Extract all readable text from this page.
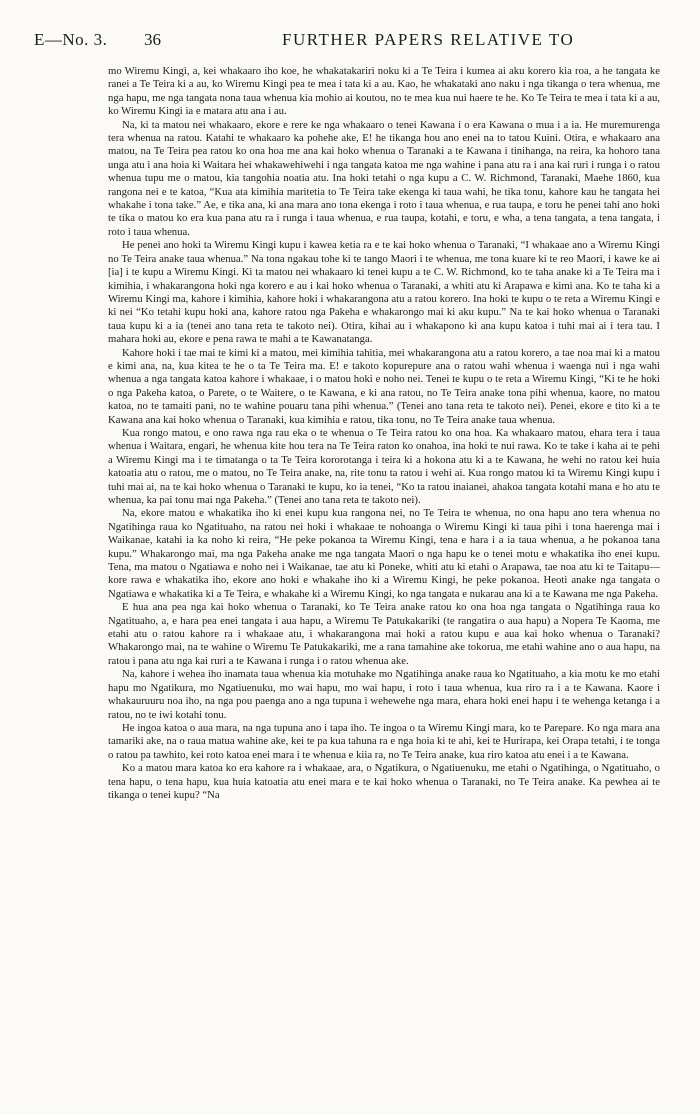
E—No. 3. 36	FURTHER PAPERS RELATIVE TO

mo Wiremu Kingi, a, kei whakaaro iho koe, he whakatakariri noku ki a Te Teira i kumea ai aku korero kia roa, a he tangata ke ranei a Te Teira ki a au, ko Wiremu Kingi pea te mea i tata ki a au. Kao, he whakataki ano naku i nga tikanga o tera whenua, me nga hapu, me nga tangata nona taua whenua kia mohio ai koutou, no te mea kua nui haere te he. Ko Te Teira te mea i tata ki a au, ko Wiremu Kingi ia e matara atu ana i au.

Na, ki ta matou nei whakaaro, ekore e rere ke nga whakaaro o tenei Kawana i o era Kawana o mua i a ia. He muremurenga tera whenua na ratou. Katahi te whakaaro ka pohehe ake, E! he tikanga hou ano enei na to tatou Kuini. Otira, e whakaaro ana matou, na Te Teira pea ratou ko ona hoa me ana kai hoko whenua o Taranaki a te Kawana i tinihanga, na reira, ka hohoro tana unga atu i ana hoia ki Waitara hei whakawehiwehi i nga tangata katoa me nga wahine i pana atu ra i ana kai ruri i runga i o ratou whenua tupu me o matou, kia tangohia noatia atu. Ina hoki tetahi o nga kupu a C. W. Richmond, Taranaki, Maehe 1860, kua rangona nei e te katoa, “Kua ata kimihia maritetia to Te Teira take ekenga ki taua wahi, he tika tonu, kahore kau he tangata hei whakahe i tona take.” Ae, e tika ana, ki ana mara ano tona ekenga i roto i taua whenua, e rua taupa, e toru he penei tahi ano hoki te tika o matou ko era kua pana atu ra i runga i taua whenua, e rua taupa, kotahi, e toru, e wha, a tena tangata, a tena tangata, i roto i taua whenua.

He penei ano hoki ta Wiremu Kingi kupu i kawea ketia ra e te kai hoko whenua o Taranaki, “I whakaae ano a Wiremu Kingi no Te Teira anake taua whenua.” Na tona ngakau tohe ki te tango Maori i te whenua, me tona kuare ki te reo Maori, i kawe ke ai [ia] i te kupu a Wiremu Kingi. Ki ta matou nei whakaaro ki tenei kupu a te C. W. Richmond, ko te taha anake ki a Te Teira ma i kimihia, i whakarangona hoki nga korero e au i kai hoko whenua o Taranaki, a whiti atu ki Arapawa e kimi ana. Ko te taha ki a Wiremu Kingi ma, kahore i kimihia, kahore hoki i whakarangona atu a ratou korero. Ina hoki te kupu o te reta a Wiremu Kingi e ki nei “Ko tetahi kupu hoki ana, kahore ratou nga Pakeha e whakarongo mai ki aku kupu.” Na te kai hoko whenua o Taranaki taua kupu ki a ia (tenei ano tana reta te takoto nei). Otira, kihai au i whakapono ki ana kupu katoa i tuhi mai ai i tera tau. I mahara hoki au, ekore e pena rawa te mahi a te Kawanatanga.

Kahore hoki i tae mai te kimi ki a matou, mei kimihia tahitia, mei whakarangona atu a ratou korero, a tae noa mai ki a matou e kimi ana, na, kua kitea te he o ta Te Teira ma. E! e takoto kopurepure ana o ratou wahi whenua i waenga nui i nga wahi whenua a nga tangata katoa kahore i whakaae, i o matou hoki e noho nei. Tenei te kupu o te reta a Wiremu Kingi, “Ki te he hoki o nga Pakeha katoa, o Parete, o te Waitere, o te Kawana, e ki ana ratou, no Te Teira anake tona pihi whenua, kaore, no matou katoa, no te tamaiti pani, no te wahine pouaru tana pihi whenua.” (Tenei ano tana reta te takoto nei). Penei, ekore e tito ki a te Kawana ana kai hoko whenua o Taranaki, kua kimihia e ratou, tika tonu, no Te Teira anake taua whenua.

Kua rongo matou, e ono rawa nga rau eka o te whenua o Te Teira ratou ko ona hoa. Ka whakaaro matou, ehara tera i taua whenua i Waitara, engari, he whenua kite hou tera na Te Teira raton ko onahoa, ina hoki te nui rawa. Ko te take i kaha ai te pehi a Wiremu Kingi ma i te timatanga o ta Te Teira kororotanga i teira ki a hokona atu ki a te Kawana, he wehi no ratou kei huia katoatia atu o ratou, me o matou, no Te Teira anake, na, rite tonu ta ratou i wehi ai. Kua rongo matou ki ta Wiremu Kingi kupu i tuhi mai ai, na te kai hoko whenua o Taranaki te kupu, ko ia tenei, “Ko ta ratou inaianei, ahakoa tangata kotahi mana e ho atu te whenua, ka pai tonu mai nga Pakeha.” (Tenei ano tana reta te takoto nei).

Na, ekore matou e whakatika iho ki enei kupu kua rangona nei, no Te Teira te whenua, no ona hapu ano tera whenua no Ngatihinga raua ko Ngatituaho, na ratou nei hoki i whakaae te nohoanga o Wiremu Kingi ki taua pihi i tona haerenga mai i Waikanae, katahi ia ka noho ki reira, “He peke pokanoa ta Wiremu Kingi, tena e hara i a ia taua whenua, a he pokanoa tana kupu.” Whakarongo mai, ma nga Pakeha anake me nga tangata Maori o nga hapu ke o tenei motu e whakatika iho enei kupu. Tena, ma matou o Ngatiawa e noho nei i Waikanae, tae atu ki Poneke, whiti atu ki etahi o Arapawa, tae noa atu ki te Taitapu—kore rawa e whakatika iho, ekore ano hoki e whakahe iho ki a Wiremu Kingi, he peke pokanoa. Heoti anake nga tangata o Ngatiawa e whakatika ki a Te Teira, e whakahe ki a Wiremu Kingi, ko nga tangata e nukarau ana ki a te Kawana me nga Pakeha.

E hua ana pea nga kai hoko whenua o Taranaki, ko Te Teira anake ratou ko ona hoa nga tangata o Ngatihinga raua ko Ngatituaho, a, e hara pea enei tangata i aua hapu, a Wiremu Te Patukakariki (te rangatira o aua hapu) a Nopera Te Kaoma, me etahi atu o ratou kahore ra i whakaae atu, i whakarangona mai hoki a ratou kupu e aua kai hoko whenua o Taranaki? Whakarongo mai, na te wahine o Wiremu Te Patukakariki, me a rana tamahine ake tokorua, me etahi wahine ano o aua hapu, na ratou i pana atu nga kai ruri a te Kawana i runga i o ratou whenua ake.

Na, kahore i wehea iho inamata taua whenua kia motuhake mo Ngatihinga anake raua ko Ngatituaho, a kia motu ke mo etahi hapu mo Ngatikura, mo Ngatiuenuku, mo wai hapu, mo wai hapu, i roto i taua whenua, kua riro ra i a te Kawana. Kaore i whakauruuru noa iho, na nga pou paenga ano a nga tupuna i wehewehe nga mara, ehara hoki enei hapu i te wehenga ketanga i a ratou, no te iwi kotahi tonu.

He ingoa katoa o aua mara, na nga tupuna ano i tapa iho. Te ingoa o ta Wiremu Kingi mara, ko te Parepare. Ko nga mara ana tamariki ake, na o raua matua wahine ake, kei te pa kua tahuna ra e nga hoia ki te ahi, kei te Hurirapa, kei Orapa tetahi, i te tonga o ratou pa tawhito, kei roto katoa enei mara i te whenua e kiia ra, no Te Teira anake, kua riro katoa atu enei i a te Kawana.

Ko a matou mara katoa ko era kahore ra i whakaae, ara, o Ngatikura, o Ngatiuenuku, me etahi o Ngatihinga, o Ngatituaho, o tena hapu, o tena hapu, kua huia katoatia atu enei mara e te kai hoko whenua o Taranaki, no Te Teira anake. Ka pewhea ai te tikanga o tenei kupu? “Na
